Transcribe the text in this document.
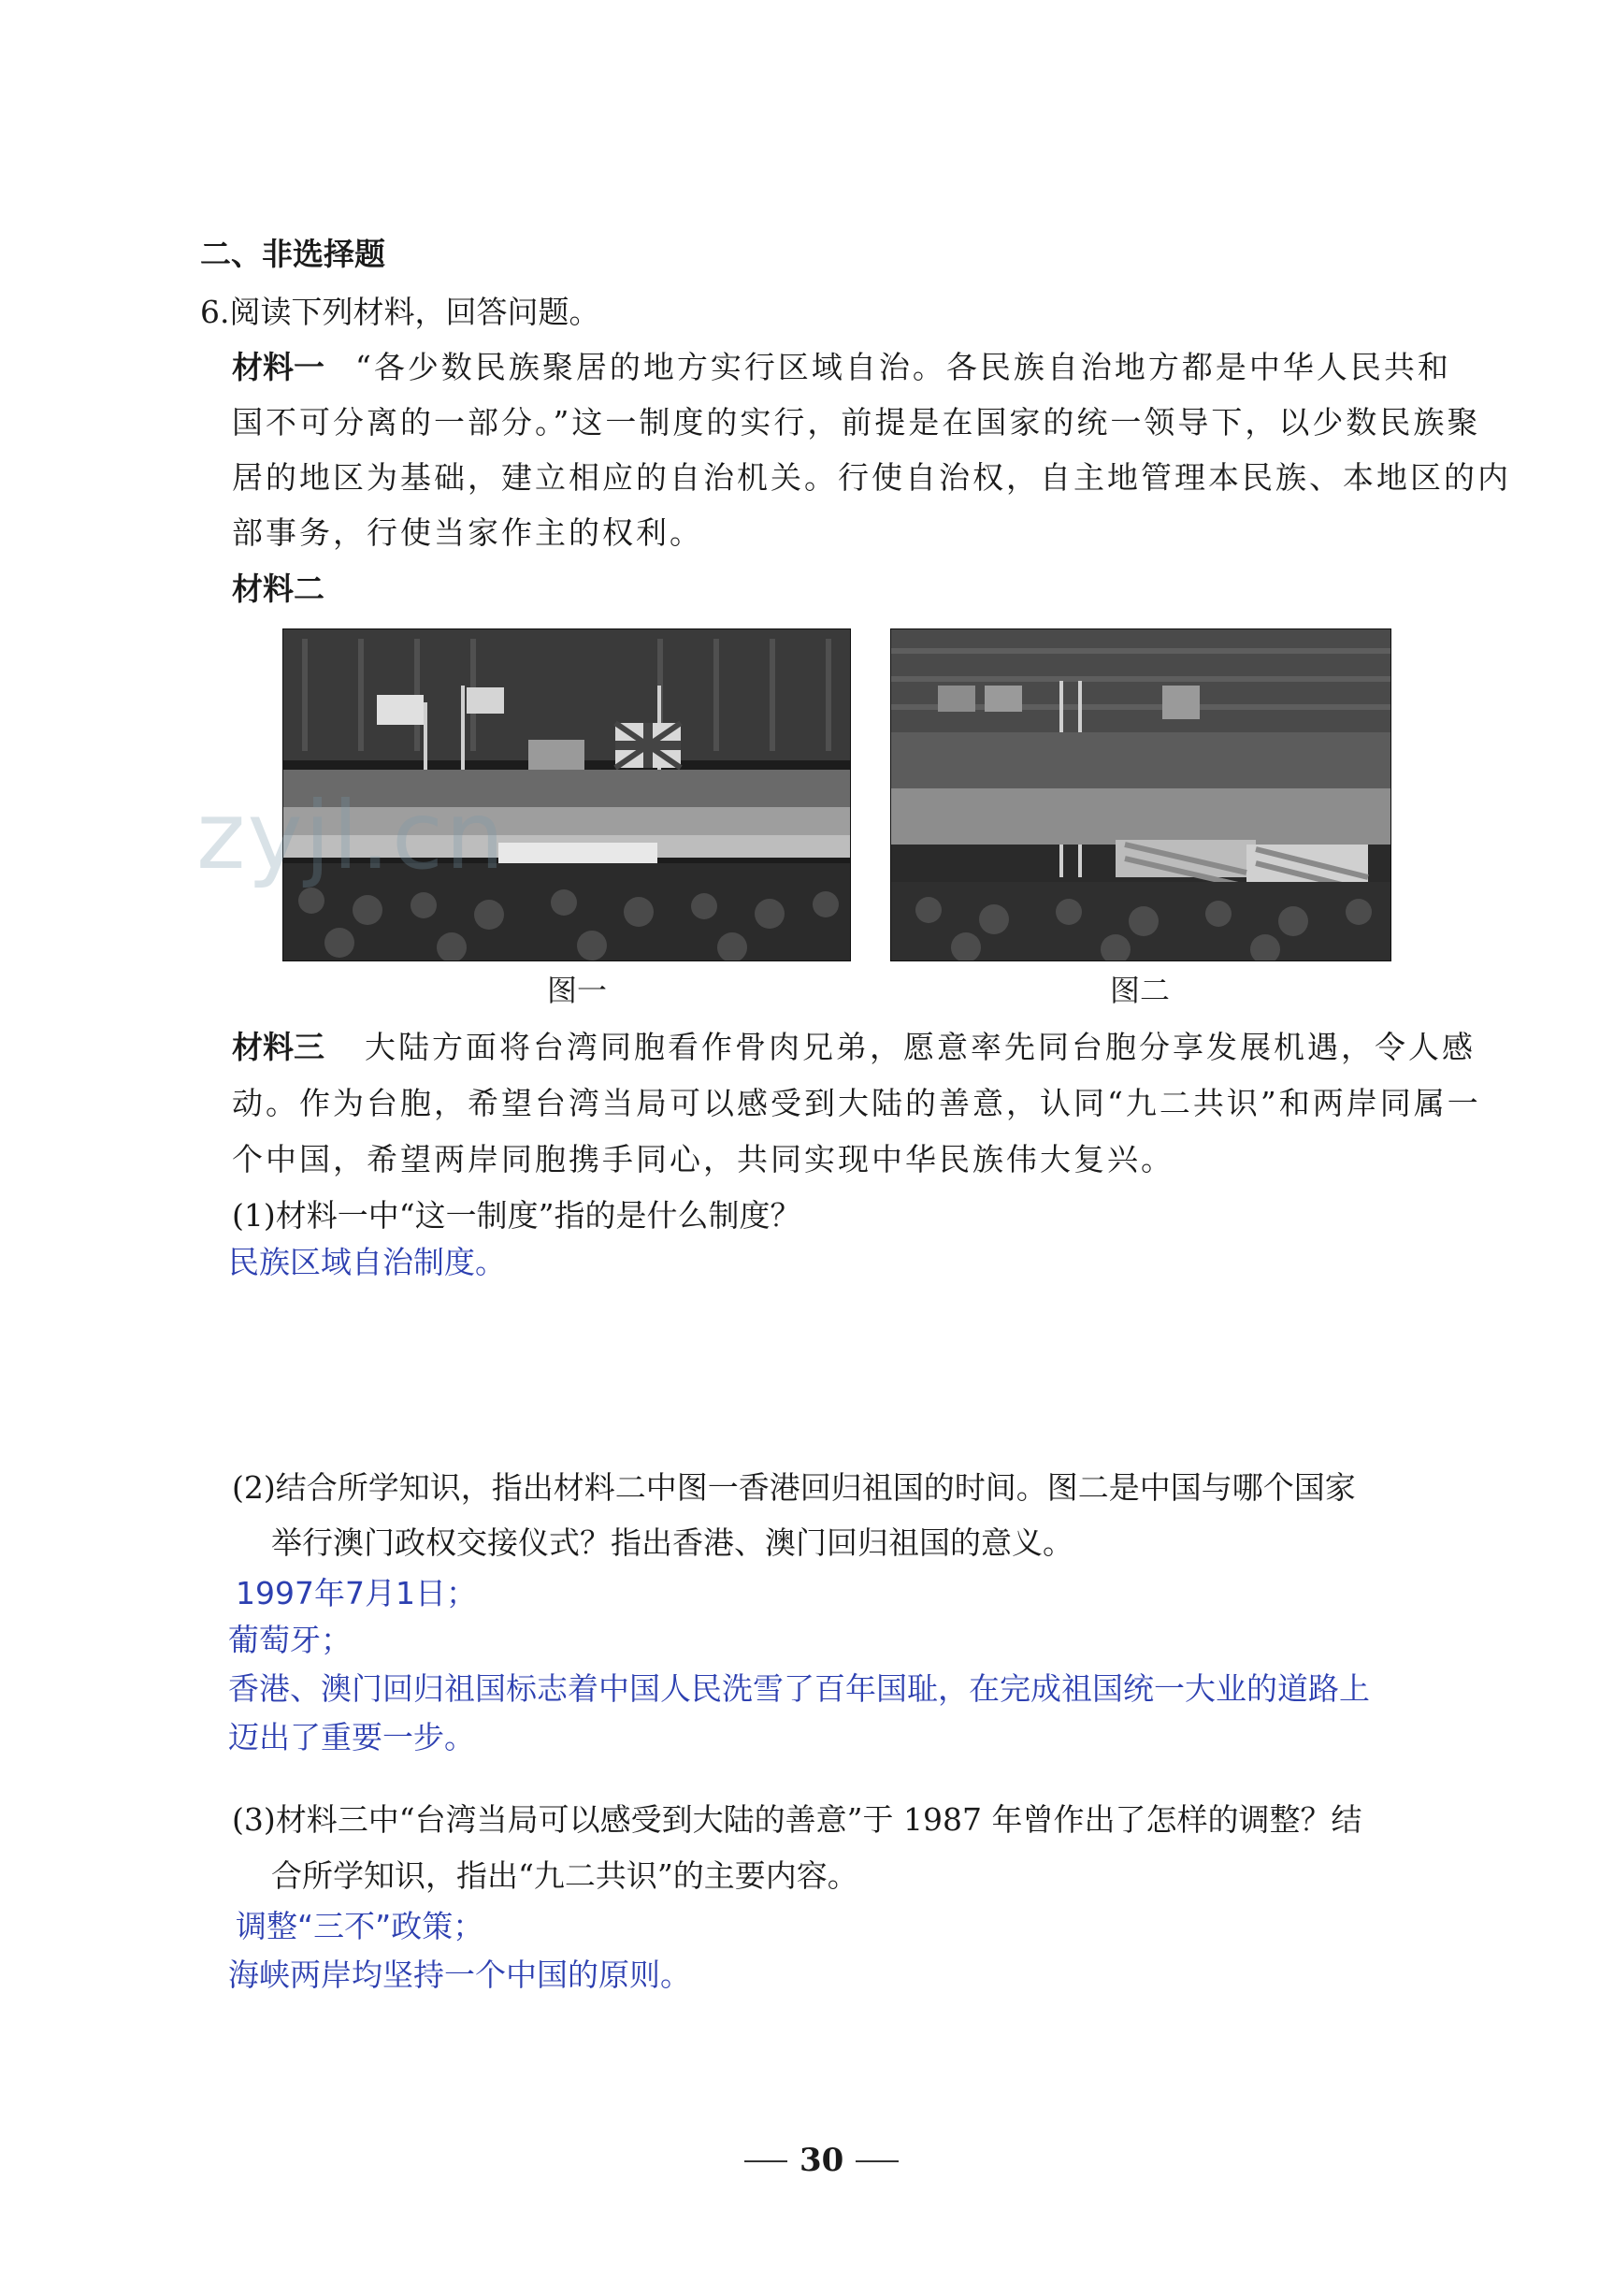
二、非选择题
6.阅读下列材料，回答问题。
材料一 “各少数民族聚居的地方实行区域自治。各民族自治地方都是中华人民共和
国不可分离的一部分。”这一制度的实行，前提是在国家的统一领导下，以少数民族聚
居的地区为基础，建立相应的自治机关。行使自治权，自主地管理本民族、本地区的内
部事务，行使当家作主的权利。
材料二
图一	图二
zyjl.cn
材料三 大陆方面将台湾同胞看作骨肉兄弟，愿意率先同台胞分享发展机遇，令人感
动。作为台胞，希望台湾当局可以感受到大陆的善意，认同“九二共识”和两岸同属一
个中国，希望两岸同胞携手同心，共同实现中华民族伟大复兴。
(1)材料一中“这一制度”指的是什么制度？
民族区域自治制度。
(2)结合所学知识，指出材料二中图一香港回归祖国的时间。图二是中国与哪个国家
举行澳门政权交接仪式？指出香港、澳门回归祖国的意义。
1997年7月1日；
葡萄牙；
香港、澳门回归祖国标志着中国人民洗雪了百年国耻，在完成祖国统一大业的道路上
迈出了重要一步。
(3)材料三中“台湾当局可以感受到大陆的善意”于 1987 年曾作出了怎样的调整？结
合所学知识，指出“九二共识”的主要内容。
调整“三不”政策；
海峡两岸均坚持一个中国的原则。
30
